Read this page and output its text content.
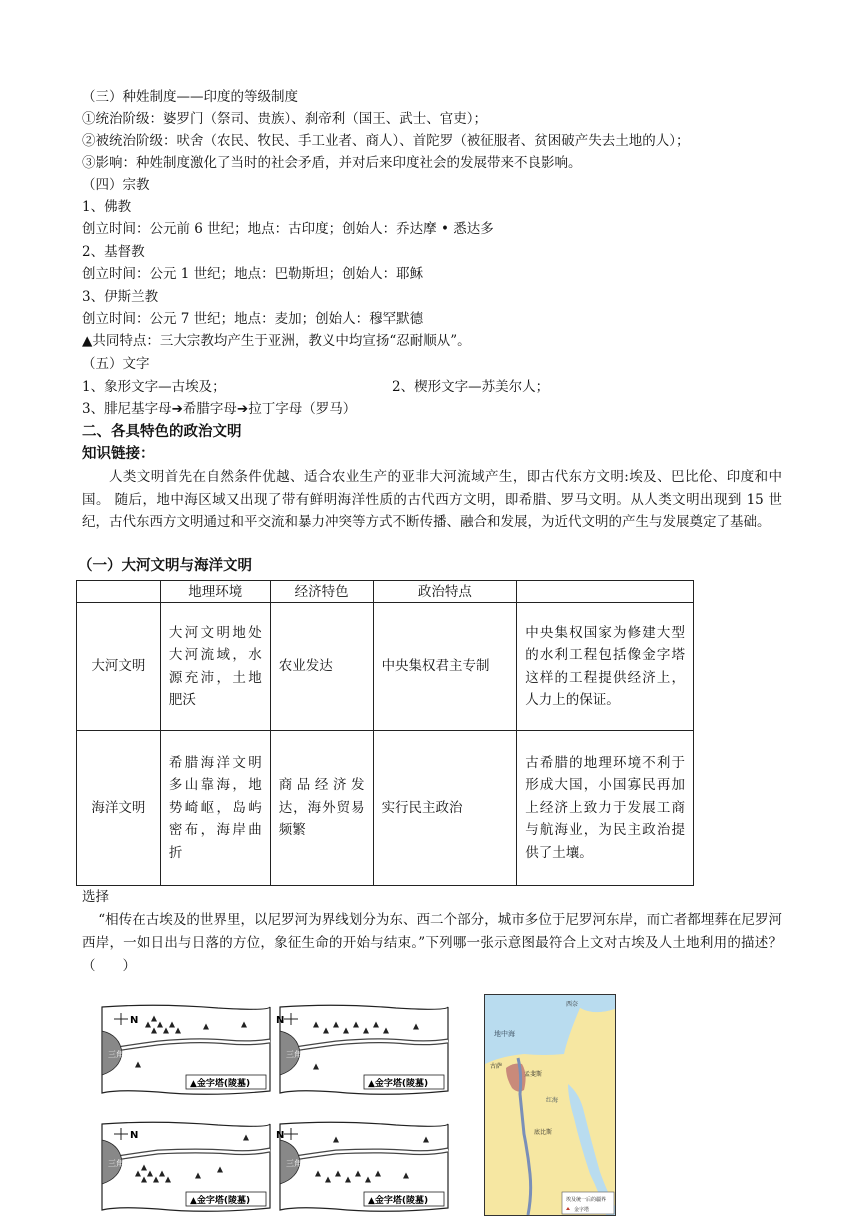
（三）种姓制度——印度的等级制度
①统治阶级：婆罗门（祭司、贵族）、刹帝利（国王、武士、官吏）；
②被统治阶级：吠舍（农民、牧民、手工业者、商人）、首陀罗（被征服者、贫困破产失去土地的人）；
③影响：种姓制度激化了当时的社会矛盾，并对后来印度社会的发展带来不良影响。
（四）宗教
1、佛教
创立时间：公元前 6 世纪；地点：古印度；创始人：乔达摩 • 悉达多
2、基督教
创立时间：公元 1 世纪；地点：巴勒斯坦；创始人：耶稣
3、伊斯兰教
创立时间：公元 7 世纪；地点：麦加；创始人：穆罕默德
▲共同特点：三大宗教均产生于亚洲，教义中均宣扬“忍耐顺从”。
（五）文字
1、象形文字—古埃及；	2、楔形文字—苏美尔人；
3、腓尼基字母➔希腊字母➔拉丁字母（罗马）
二、各具特色的政治文明
知识链接：
人类文明首先在自然条件优越、适合农业生产的亚非大河流域产生，即古代东方文明:埃及、巴比伦、印度和中国。 随后，地中海区域又出现了带有鲜明海洋性质的古代西方文明，即希腊、罗马文明。从人类文明出现到 15 世纪，古代东西方文明通过和平交流和暴力冲突等方式不断传播、融合和发展，为近代文明的产生与发展奠定了基础。
（一）大河文明与海洋文明
	地理环境	经济特色	政治特点	
大河文明	大河文明地处大河流域，水源充沛，土地肥沃	农业发达	中央集权君主专制	中央集权国家为修建大型的水利工程包括像金字塔这样的工程提供经济上，人力上的保证。
海洋文明	希腊海洋文明多山靠海，地势崎岖，岛屿密布，海岸曲折	商品经济发达，海外贸易频繁	实行民主政治	古希腊的地理环境不利于形成大国，小国寡民再加上经济上致力于发展工商与航海业，为民主政治提供了土壤。
选择
“相传在古埃及的世界里，以尼罗河为界线划分为东、西二个部分，城市多位于尼罗河东岸，而亡者都埋葬在尼罗河西岸，一如日出与日落的方位，象征生命的开始与结束。”下列哪一张示意图最符合上文对古埃及人土地利用的描述？（　　）
三角洲
N
▲金字塔(陵墓)
三角洲
N
▲金字塔(陵墓)
三角洲
N
▲金字塔(陵墓)
三角洲
N
▲金字塔(陵墓)
西奈
地中海
古萨
孟斐斯
底比斯
红海
埃及统一后的疆界
金字塔
